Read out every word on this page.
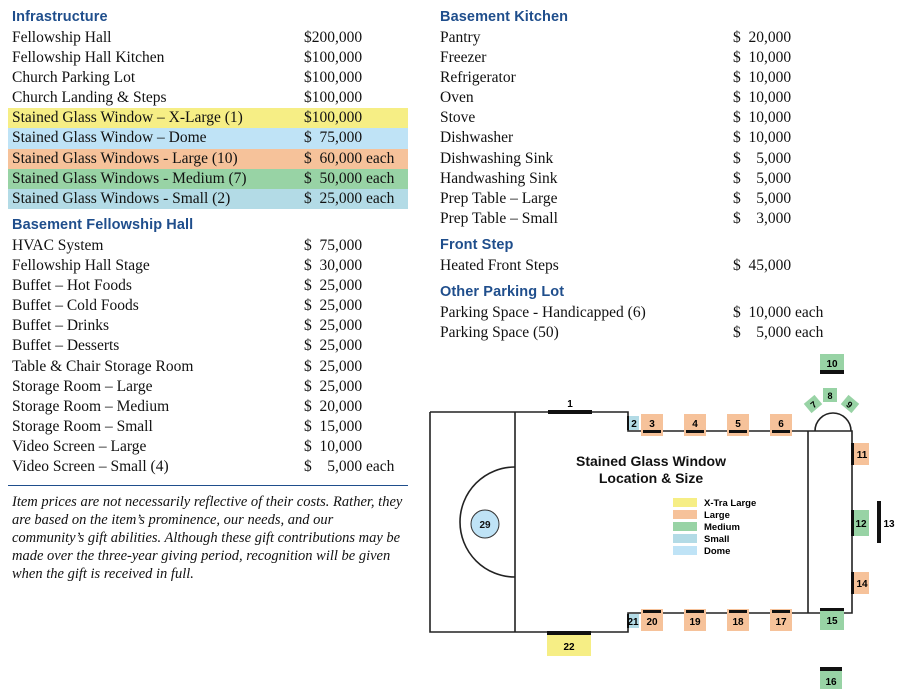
Infrastructure
Fellowship Hall	$200,000
Fellowship Hall Kitchen	$100,000
Church Parking Lot	$100,000
Church Landing & Steps	$100,000
Stained Glass Window – X-Large (1)	$100,000
Stained Glass Window – Dome	$  75,000
Stained Glass Windows - Large (10)	$  60,000 each
Stained Glass Windows - Medium (7)	$  50,000 each
Stained Glass Windows - Small (2)	$  25,000 each
Basement Fellowship Hall
HVAC System	$  75,000
Fellowship Hall Stage	$  30,000
Buffet – Hot Foods	$  25,000
Buffet – Cold Foods	$  25,000
Buffet – Drinks	$  25,000
Buffet – Desserts	$  25,000
Table & Chair Storage Room	$  25,000
Storage Room – Large	$  25,000
Storage Room – Medium	$  20,000
Storage Room – Small	$  15,000
Video Screen – Large	$  10,000
Video Screen – Small (4)	$    5,000 each
Item prices are not necessarily reflective of their costs. Rather, they are based on the item’s prominence, our needs, and our community’s gift abilities. Although these gift contributions may be made over the three-year giving period, recognition will be given when the gift is received in full.
Basement Kitchen
Pantry	$  20,000
Freezer	$  10,000
Refrigerator	$  10,000
Oven	$  10,000
Stove	$  10,000
Dishwasher	$  10,000
Dishwashing Sink	$    5,000
Handwashing Sink	$    5,000
Prep Table – Large	$    5,000
Prep Table – Small	$    3,000
Front Step
Heated Front Steps	$  45,000
Other Parking Lot
Parking Space - Handicapped (6)	$  10,000 each
Parking Space (50)	$    5,000 each
29
1
2 3	4	5	6
7
8
9
10
11
12 13
14
15
17
18
19
20
21
22
16
Stained Glass Window
Location & Size
X-Tra Large
Large
Medium
Small
Dome
